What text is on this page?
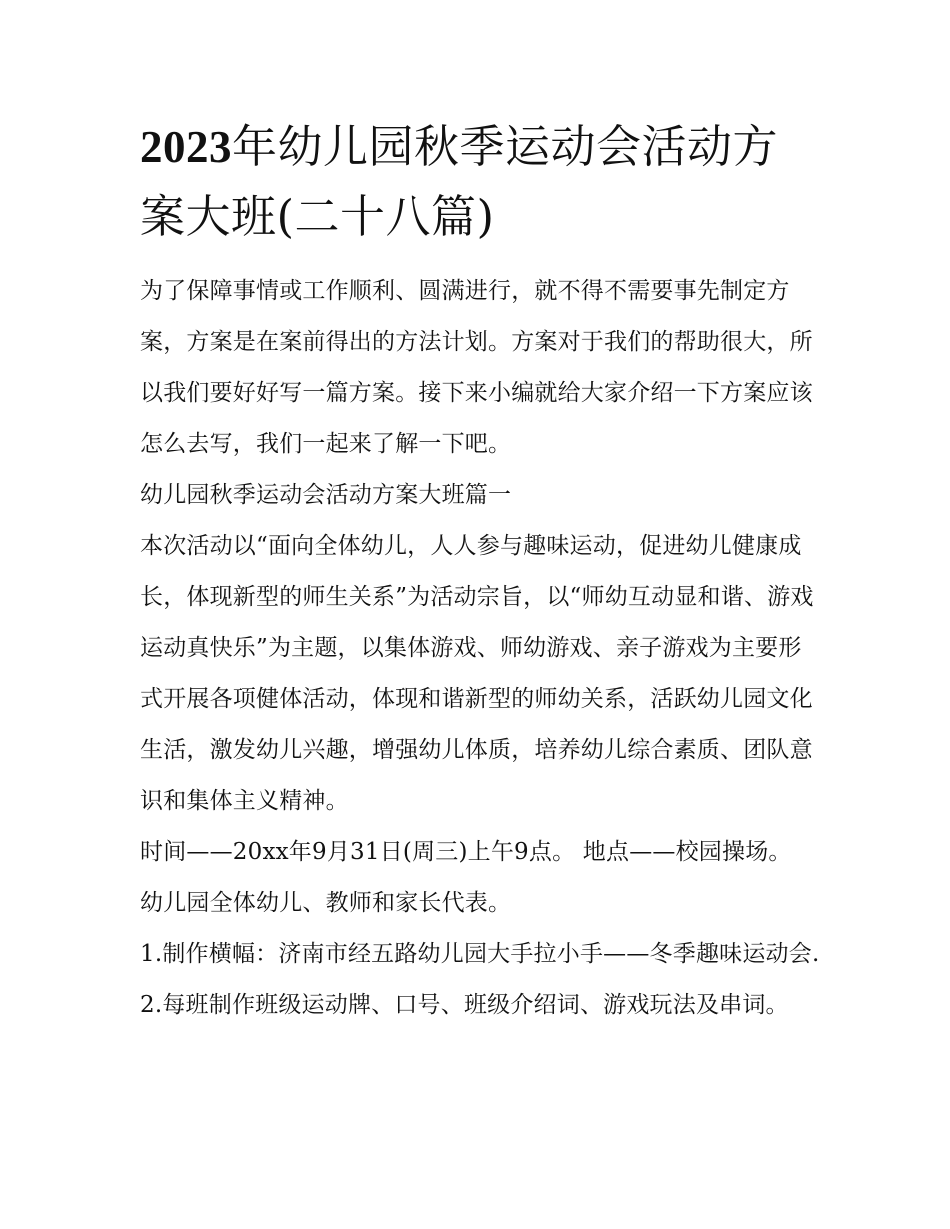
2023年幼儿园秋季运动会活动方案大班(二十八篇)

为了保障事情或工作顺利、圆满进行，就不得不需要事先制定方案，方案是在案前得出的方法计划。方案对于我们的帮助很大，所以我们要好好写一篇方案。接下来小编就给大家介绍一下方案应该怎么去写，我们一起来了解一下吧。

幼儿园秋季运动会活动方案大班篇一

本次活动以“面向全体幼儿，人人参与趣味运动，促进幼儿健康成长，体现新型的师生关系”为活动宗旨，以“师幼互动显和谐、游戏运动真快乐”为主题，以集体游戏、师幼游戏、亲子游戏为主要形式开展各项健体活动，体现和谐新型的师幼关系，活跃幼儿园文化生活，激发幼儿兴趣，增强幼儿体质，培养幼儿综合素质、团队意识和集体主义精神。

时间——20xx年9月31日(周三)上午9点。 地点——校园操场。 幼儿园全体幼儿、教师和家长代表。

1.制作横幅：济南市经五路幼儿园大手拉小手——冬季趣味运动会. 2.每班制作班级运动牌、口号、班级介绍词、游戏玩法及串词。
